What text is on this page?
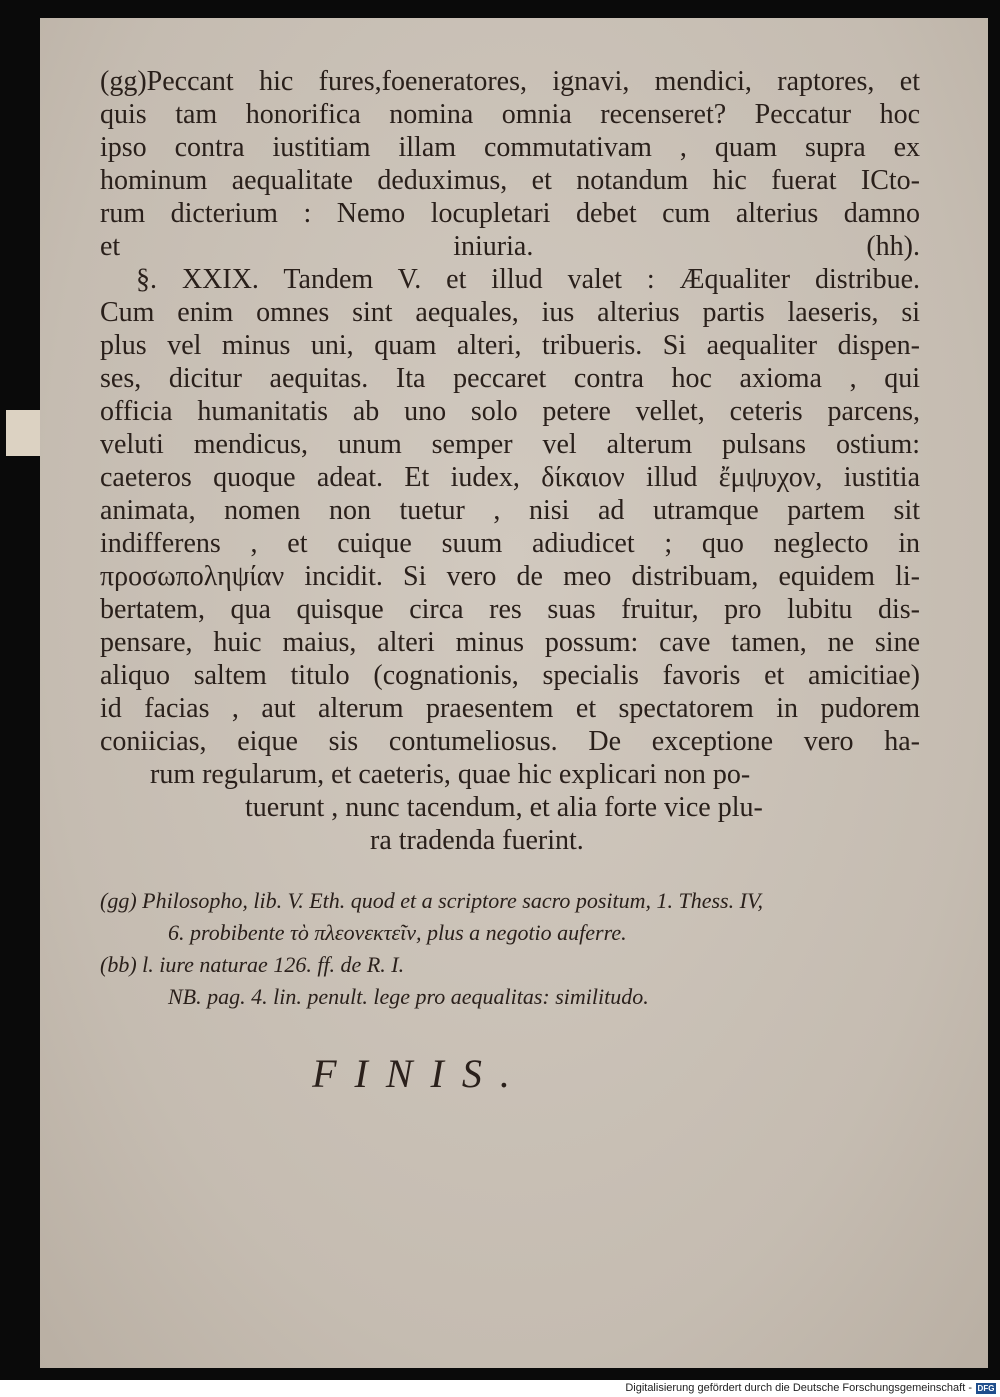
(gg)Peccant hic fures,foeneratores, ignavi, mendici, raptores, et
quis tam honorifica nomina omnia recenseret? Peccatur hoc
ipso contra iustitiam illam commutativam , quam supra ex
hominum aequalitate deduximus, et notandum hic fuerat ICto-
rum dicterium : Nemo locupletari debet cum alterius damno
et iniuria. (hh).
§. XXIX. Tandem V. et illud valet : Æqualiter distribue.
Cum enim omnes sint aequales, ius alterius partis laeseris, si
plus vel minus uni, quam alteri, tribueris. Si aequaliter dispen-
ses, dicitur aequitas. Ita peccaret contra hoc axioma , qui
officia humanitatis ab uno solo petere vellet, ceteris parcens,
veluti mendicus, unum semper vel alterum pulsans ostium:
caeteros quoque adeat. Et iudex, δίκαιον illud ἔμψυχον, iustitia
animata, nomen non tuetur , nisi ad utramque partem sit
indifferens , et cuique suum adiudicet ; quo neglecto in
προσωποληψίαν incidit. Si vero de meo distribuam, equidem li-
bertatem, qua quisque circa res suas fruitur, pro lubitu dis-
pensare, huic maius, alteri minus possum: cave tamen, ne sine
aliquo saltem titulo (cognationis, specialis favoris et amicitiae)
id facias , aut alterum praesentem et spectatorem in pudorem
coniicias, eique sis contumeliosus. De exceptione vero ha-
rum regularum, et caeteris, quae hic explicari non po-
tuerunt , nunc tacendum, et alia forte vice plu-
ra tradenda fuerint.
(gg) Philosopho, lib. V. Eth. quod et a scriptore sacro positum, 1. Thess. IV,
6. probibente τὸ πλεονεκτεῖν, plus a negotio auferre.
(bb) l. iure naturae 126. ff. de R. I.
NB. pag. 4. lin. penult. lege pro aequalitas: similitudo.
FINIS.
Digitalisierung gefördert durch die Deutsche Forschungsgemeinschaft - DFG
